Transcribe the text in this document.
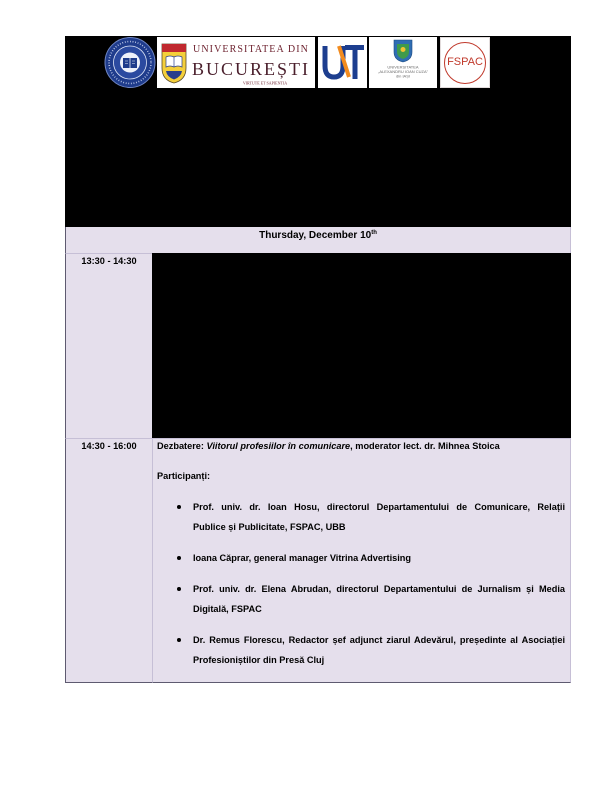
UNIVERSITATEA DIN
BUCUREȘTI
VIRTUTE ET SAPIENTIA
UNIVERSITATEA
„ALEXANDRU IOAN CUZA”
din IAȘI
FSPAC
Thursday, December 10th
13:30 - 14:30
14:30 - 16:00	Dezbatere: Viitorul profesiilor în comunicare, moderator lect. dr. Mihnea Stoica

Participanți:

Prof. univ. dr. Ioan Hosu, directorul Departamentului de Comunicare, Relații
Publice și Publicitate, FSPAC, UBB
Ioana Căprar, general manager Vitrina Advertising
Prof. univ. dr. Elena Abrudan, directorul Departamentului de Jurnalism și Media
Digitală, FSPAC
Dr. Remus Florescu, Redactor șef adjunct ziarul Adevărul, președinte al Asociației
Profesioniștilor din Presă Cluj
